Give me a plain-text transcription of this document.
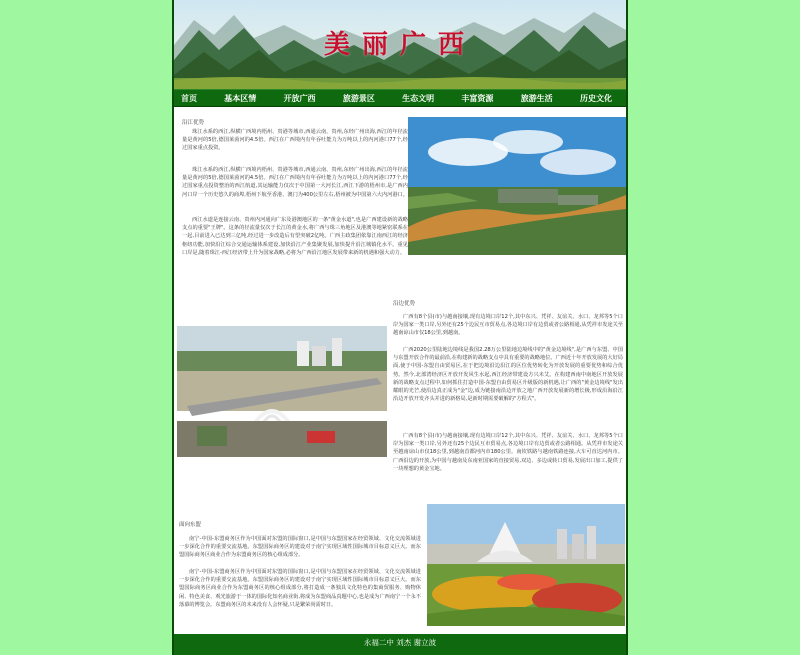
美丽广西
首页	基本区情	开放广西	旅游景区	生态文明	丰富资源	旅游生活	历史文化
沿江优势

珠江水系的西江,纵横广西境内梧州、贵港等城市,西通云南、贵州,东经广州出海,西江的年径流量是黄河的5倍,德国莱茵河的4.5倍。西江在广西境内有年吞吐能力为万吨以上的内河港口77个,经过国家重点投资。

珠江水系的西江,纵横广西境内梧州、贵港等城市,西通云南、贵州,东经广州出海,西江的年径流量是黄河的5倍,德国莱茵河的4.5倍。西江在广西境内有年吞吐能力为万吨以上的内河港口77个,经过国家重点投资整治的西江航道,其运输能力仅次于中国第一大河长江,西江下游的梧州市,是广西内河口岸一个历史悠久的商埠,梧州下航至香港、澳门为400公里左右,梧州被为中国第六大内河港口。

西江水道是连接云南、贵州内河通向广东及港澳地区的一条"黄金水道",也是广西建设新的战略支点的重要"王牌"。这条的径流量仅次于长江的黄金水,将广西与珠三角地区及港澳等地紧密联系在一起,目前进入已达到三亿吨,经过进一步改造后有望突破2亿吨。广西主政集团依靠江南西江的经济枢纽功能,加快沿江综合交通运输体系建设,加快沿江产业集聚发展,加快提升沿江城镇化水平。重见口岸是,随着珠江-西江经济带上升为国家战略,必将为广西沿江地区发展带来新的机遇和强大动力。

沿边优势

广西有8个县(市)与越南接壤,现有边境口岸12个,其中东兴、凭祥、友谊关、水口、龙邦等5个口岸为国家一类口岸,另外还有25个边民互市贸易点,各边境口岸有边贸或者公路相通,从凭祥市发途关至越南谅山市仅18公里,到越南。

广西2020公里陆地边境线是我国2.28万公里陆地边境线中的"黄金边境线",是广西与东盟、中国与东盟开放合作的最前沿,在构建新的战略支点中具有重要的战略地位。广西近十年开放发展的大好局面,使于中国-东盟自由贸易区,在于把边境沿边沿江的区位优势转化为开放发展的重要优势和综合优势。然今,北部湾经济区开放开发风生水起,西江经济带建设方兴未艾。在构建西南中南地区开放发展新的战略支点过程中,如何抓住打造中国-东盟自由贸易区升级版的新机遇,让广西的"黄金边境线"发出耀眼的光芒,使沿边真正成为"金"边,成为链接南沿边开放之地广西开放发展新的增长极,形成沿海沿江沿边开放开发齐头并进的新格局,是新时期需要破解的"方程式"。

广西有8个县(市)与越南接壤,现有边境口岸12个,其中东兴、凭祥、友谊关、水口、龙邦等5个口岸为国家一类口岸,另外还有25个边民互市贸易点,各边境口岸有边贸或者公路相通。从凭祥市发途关至越南谅山市仅18公里,到越南首都河内市180公里。南钦铁路与越南铁路连接,大车可直达河内市。广西沿边的开放,为中国与越南及东南亚国家的直接贸易,双边、多边或转口贸易,发展出口加工,提供了一块理想的黄金宝地。

面向东盟

南宁-中国-东盟商务区作为中国面对东盟的国际窗口,是中国与东盟国家在经贸领域、文化交流领域进一步深化合作的重要交流基地。东盟国际商务区的建设对于南宁实现区域性国际城市目标意义巨大。而东盟国际商务区商业合作为东盟商务区的核心组成部分。

南宁-中国-东盟商务区作为中国面对东盟的国际窗口,是中国与东盟国家在经贸领域、文化交流领域进一步深化合作的重要交流基地。东盟国际商务区的建设对于南宁实现区域性国际城市目标意义巨大。而东盟国际商务区商业合作为东盟商务区的核心组成部分,将打造成一条独具文化特色的集商贸服务、购物休闲、特色美食、观光旅游于一体的国际化知名商业街,将成为东盟商品真题中心,也是成为广西南宁一个永不落幕的博览会。东盟商务区的未来没有人会怀疑,只是繁荣尚需时日。

永福二中 刘杰 谢立波
